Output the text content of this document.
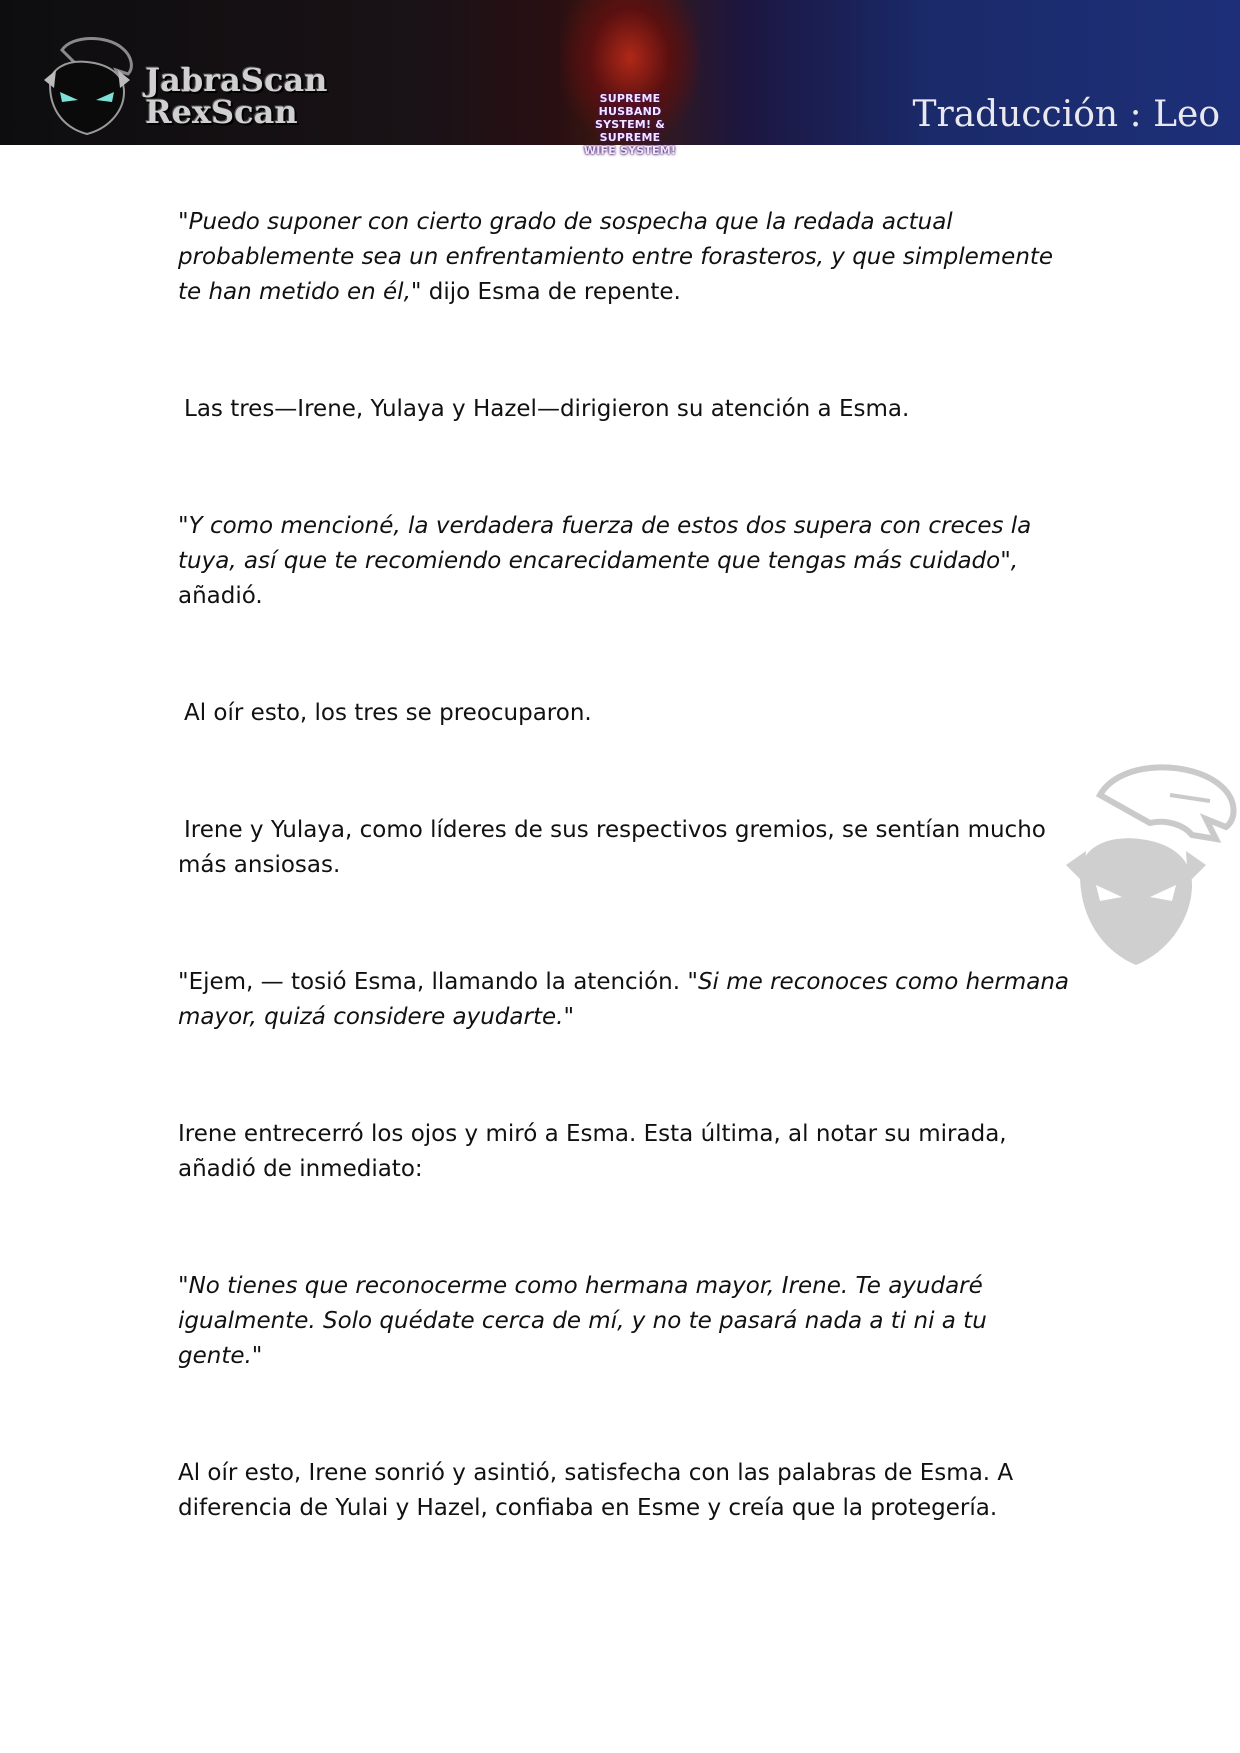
JabraScan
RexScan	SUPREME HUSBAND
SYSTEM! & SUPREME
WIFE SYSTEM!
Traducción : Leo

"Puedo suponer con cierto grado de sospecha que la redada actual probablemente sea un enfrentamiento entre forasteros, y que simplemente te han metido en él," dijo Esma de repente.

Las tres—Irene, Yulaya y Hazel—dirigieron su atención a Esma.

"Y como mencioné, la verdadera fuerza de estos dos supera con creces la tuya, así que te recomiendo encarecidamente que tengas más cuidado", añadió.

Al oír esto, los tres se preocuparon.

Irene y Yulaya, como líderes de sus respectivos gremios, se sentían mucho más ansiosas.

"Ejem, — tosió Esma, llamando la atención. "Si me reconoces como hermana mayor, quizá considere ayudarte."

Irene entrecerró los ojos y miró a Esma. Esta última, al notar su mirada, añadió de inmediato:

"No tienes que reconocerme como hermana mayor, Irene. Te ayudaré igualmente. Solo quédate cerca de mí, y no te pasará nada a ti ni a tu gente."

Al oír esto, Irene sonrió y asintió, satisfecha con las palabras de Esma. A diferencia de Yulai y Hazel, confiaba en Esme y creía que la protegería.
